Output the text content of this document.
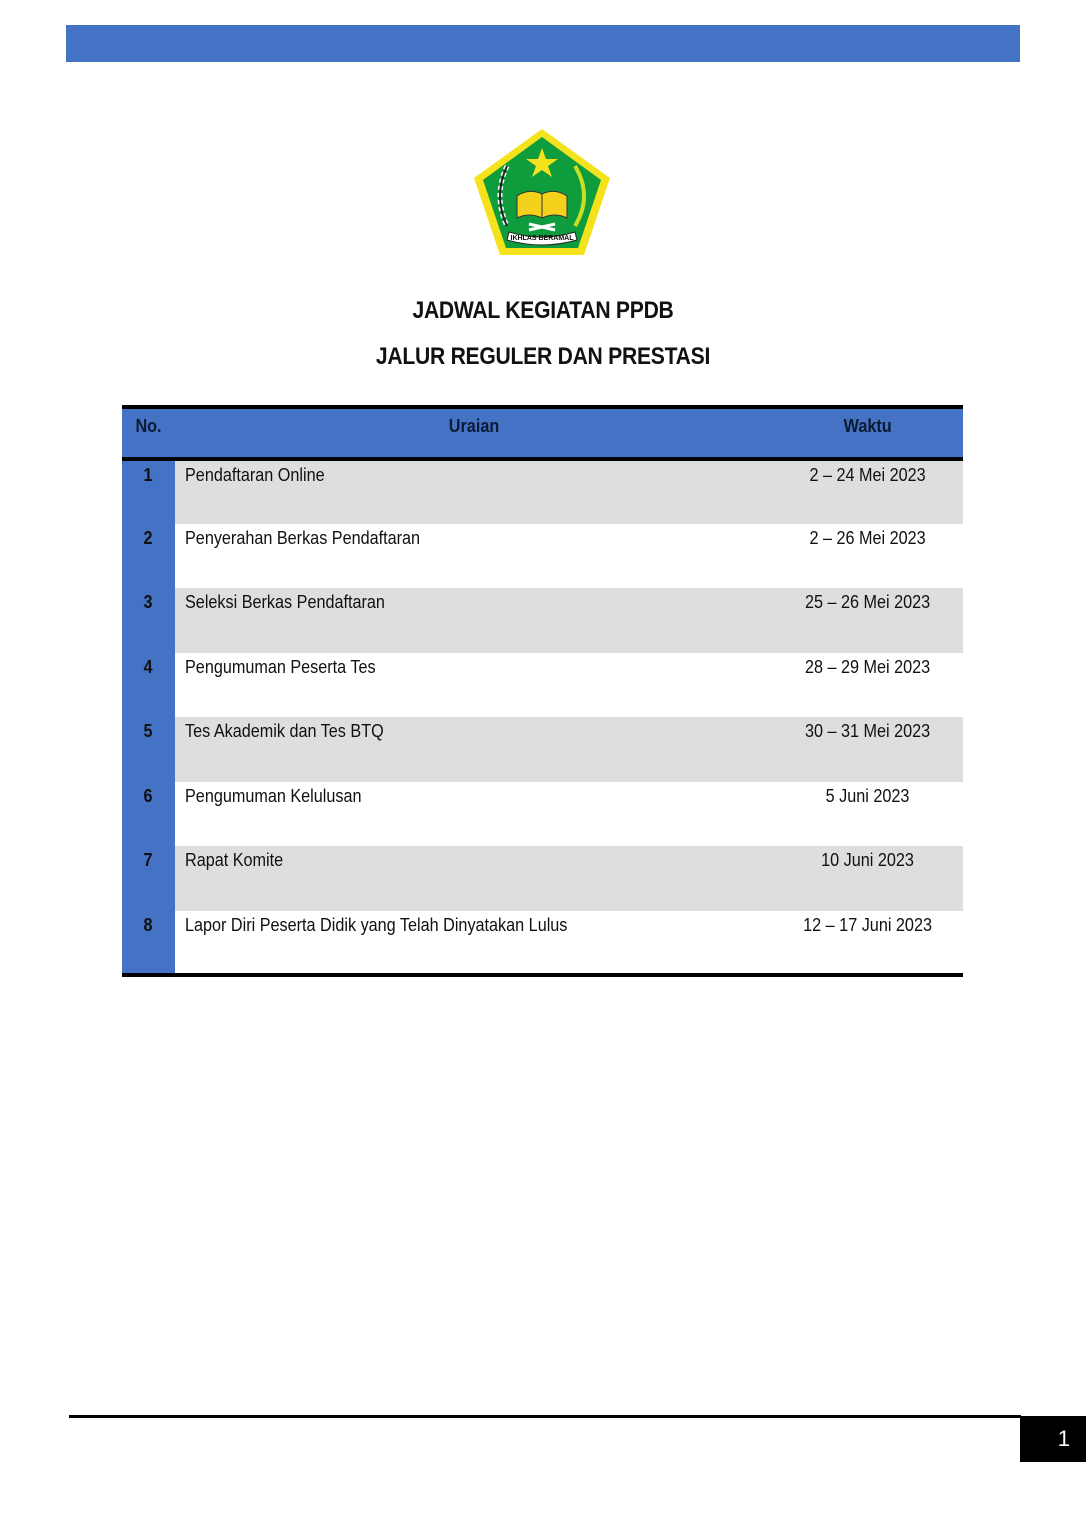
IKHLAS BERAMAL
JADWAL KEGIATAN PPDB
JALUR REGULER DAN PRESTASI
No.	Uraian	Waktu
1	Pendaftaran Online	2 – 24 Mei 2023
2	Penyerahan Berkas Pendaftaran	2 – 26 Mei 2023
3	Seleksi Berkas Pendaftaran	25 – 26 Mei 2023
4	Pengumuman Peserta Tes	28 – 29 Mei 2023
5	Tes Akademik dan Tes BTQ	30 – 31 Mei 2023
6	Pengumuman Kelulusan	5 Juni 2023
7	Rapat Komite	10 Juni 2023
8	Lapor Diri Peserta Didik yang Telah Dinyatakan Lulus	12 – 17 Juni 2023
1
